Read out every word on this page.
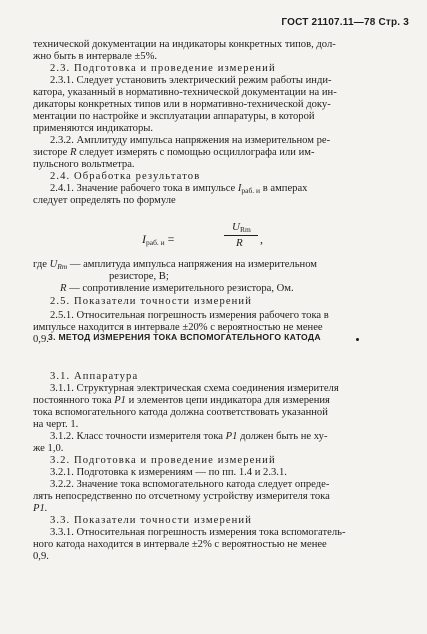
ГОСТ 21107.11—78 Стр. 3
технической документации на индикаторы конкретных типов, дол-
жно быть в интервале ±5%.
2.3. Подготовка и проведение измерений
2.3.1. Следует установить электрический режим работы инди-
катора, указанный в нормативно-технической документации на ин-
дикаторы конкретных типов или в нормативно-технической доку-
ментации по настройке и эксплуатации аппаратуры, в которой
применяются индикаторы.
2.3.2. Амплитуду импульса напряжения на измерительном ре-
зисторе R следует измерять с помощью осциллографа или им-
пульсного вольтметра.
2.4. Обработка результатов
2.4.1. Значение рабочего тока в импульсе $I_{раб. и}$ в амперах
следует определять по формуле
где $U_{Rm}$ — амплитуда импульса напряжения на измерительном
резисторе, В;
R — сопротивление измерительного резистора, Ом.
2.5. Показатели точности измерений
2.5.1. Относительная погрешность измерения рабочего тока в
импульсе находится в интервале ±20% с вероятностью не менее
0,9.
3.1. Аппаратура
3.1.1. Структурная электрическая схема соединения измерителя
постоянного тока P1 и элементов цепи индикатора для измерения
тока вспомогательного катода должна соответствовать указанной
на черт. 1.
3.1.2. Класс точности измерителя тока P1 должен быть не ху-
же 1,0.
3.2. Подготовка и проведение измерений
3.2.1. Подготовка к измерениям — по пп. 1.4 и 2.3.1.
3.2.2. Значение тока вспомогательного катода следует опреде-
лять непосредственно по отсчетному устройству измерителя тока
P1.
3.3. Показатели точности измерений
3.3.1. Относительная погрешность измерения тока вспомогатель-
ного катода находится в интервале ±2% с вероятностью не менее
0,9.
$I_{раб. и}$ =
$U_{Rm}$
R ,
3. МЕТОД ИЗМЕРЕНИЯ ТОКА ВСПОМОГАТЕЛЬНОГО КАТОДА
